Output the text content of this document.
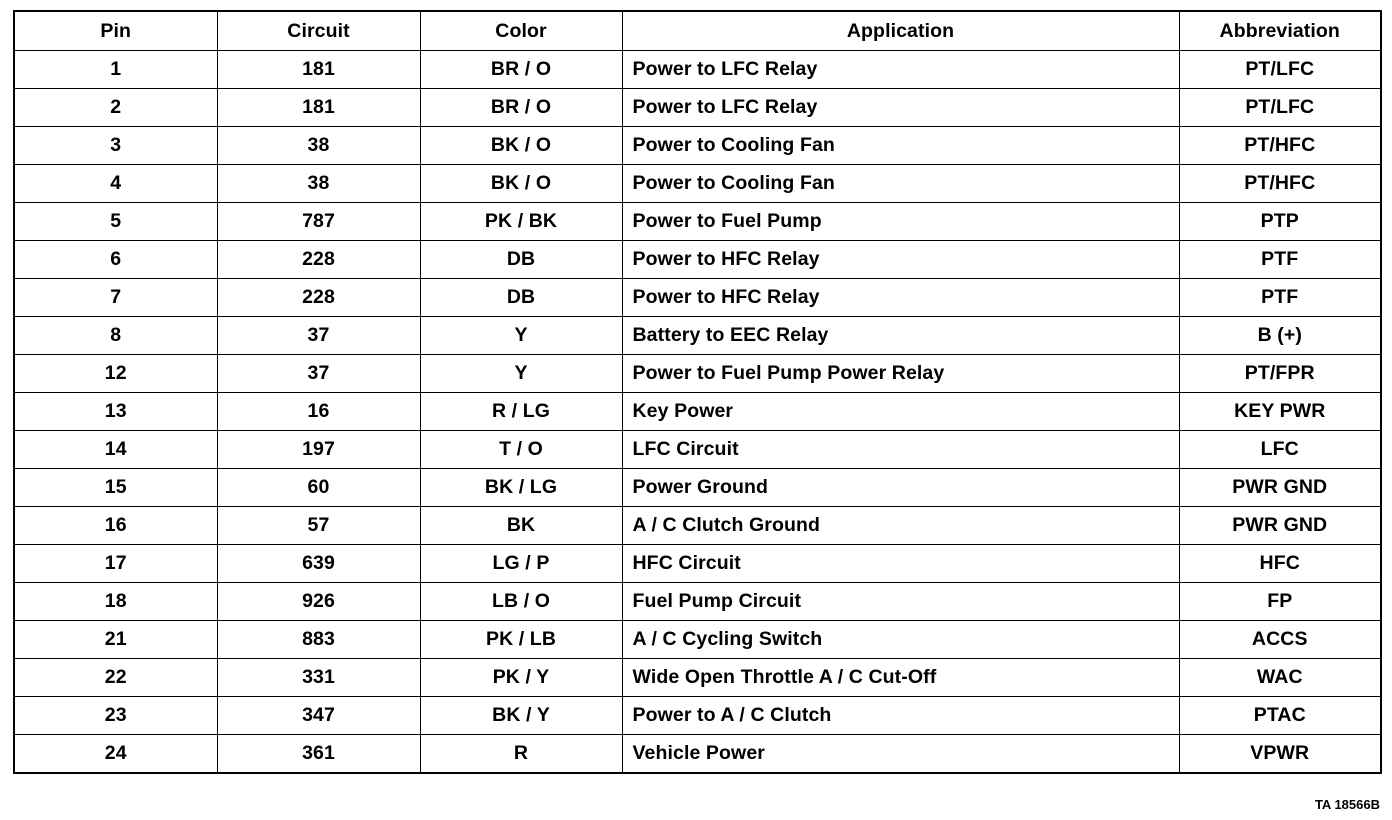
Pin	Circuit	Color	Application	Abbreviation
1	181	BR / O	Power to LFC Relay	PT/LFC
2	181	BR / O	Power to LFC Relay	PT/LFC
3	38	BK / O	Power to Cooling Fan	PT/HFC
4	38	BK / O	Power to Cooling Fan	PT/HFC
5	787	PK / BK	Power to Fuel Pump	PTP
6	228	DB	Power to HFC Relay	PTF
7	228	DB	Power to HFC Relay	PTF
8	37	Y	Battery to EEC Relay	B (+)
12	37	Y	Power to Fuel Pump Power Relay	PT/FPR
13	16	R / LG	Key Power	KEY PWR
14	197	T / O	LFC Circuit	LFC
15	60	BK / LG	Power Ground	PWR GND
16	57	BK	A / C Clutch Ground	PWR GND
17	639	LG / P	HFC Circuit	HFC
18	926	LB / O	Fuel Pump Circuit	FP
21	883	PK / LB	A / C Cycling Switch	ACCS
22	331	PK / Y	Wide Open Throttle A / C Cut-Off	WAC
23	347	BK / Y	Power to A / C Clutch	PTAC
24	361	R	Vehicle Power	VPWR
TA 18566B
